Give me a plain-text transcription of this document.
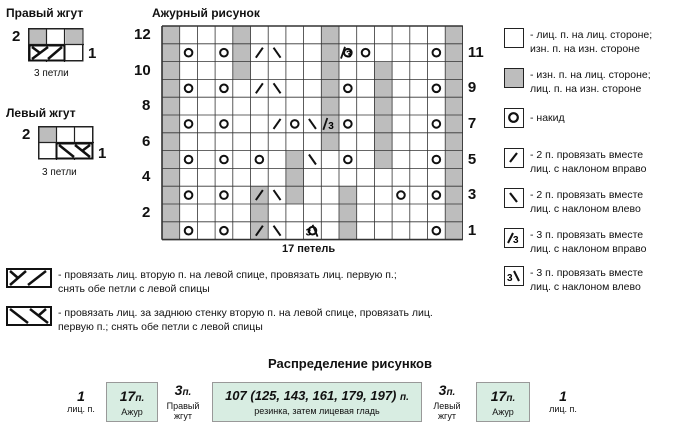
Правый жгут
2
1
3 петли
Левый жгут
2
1
3 петли
Ажурный рисунок
12
10
8
6
4
2
11
9
7
5
3
1
3
3
3
17 петель
- лиц. п. на лиц. стороне;
изн. п. на изн. стороне
- изн. п. на лиц. стороне;
лиц. п. на изн. стороне
- накид
- 2 п. провязать вместе
лиц. с наклоном вправо
- 2 п. провязать вместе
лиц. с наклоном влево
3 - 3 п. провязать вместе
лиц. с наклоном вправо
3 - 3 п. провязать вместе
лиц. с наклоном влево
- провязать лиц. вторую п. на левой спице, провязать лиц. первую п.;
снять обе петли с левой спицы
- провязать лиц. за заднюю стенку вторую п. на левой спице, провязать лиц.
первую п.; снять обе петли с левой спицы
Распределение рисунков
1
лиц. п.
17п.
Ажур
3п.
Правый жгут
107 (125, 143, 161, 179, 197) п.
резинка, затем лицевая гладь
3п.
Левый жгут
17п.
Ажур
1
лиц. п.
